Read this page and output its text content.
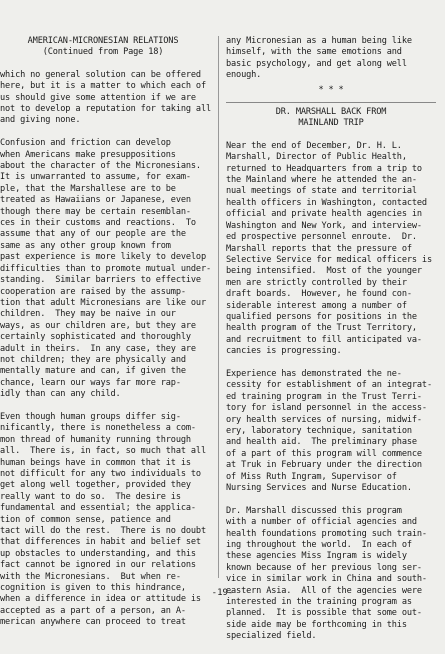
AMERICAN-MICRONESIAN RELATIONS
(Continued from Page 18)
which no general solution can be offered
here, but it is a matter to which each of
us should give some attention if we are
not to develop a reputation for taking all
and giving none.
Confusion and friction can develop
when Americans make presuppositions
about the character of the Micronesians.
It is unwarranted to assume, for exam-
ple, that the Marshallese are to be
treated as Hawaiians or Japanese, even
though there may be certain resemblan-
ces in their customs and reactions.  To
assume that any of our people are the
same as any other group known from
past experience is more likely to develop
difficulties than to promote mutual under-
standing.  Similar barriers to effective
cooperation are raised by the assump-
tion that adult Micronesians are like our
children.  They may be naive in our
ways, as our children are, but they are
certainly sophisticated and thoroughly
adult in theirs.  In any case, they are
not children; they are physically and
mentally mature and can, if given the
chance, learn our ways far more rap-
idly than can any child.
Even though human groups differ sig-
nificantly, there is nonetheless a com-
mon thread of humanity running through
all.  There is, in fact, so much that all
human beings have in common that it is
not difficult for any two individuals to
get along well together, provided they
really want to do so.  The desire is
fundamental and essential; the applica-
tion of common sense, patience and
tact will do the rest.  There is no doubt
that differences in habit and belief set
up obstacles to understanding, and this
fact cannot be ignored in our relations
with the Micronesians.  But when re-
cognition is given to this hindrance,
when a difference in idea or attitude is
accepted as a part of a person, an A-
merican anywhere can proceed to treat
any Micronesian as a human being like
himself, with the same emotions and
basic psychology, and get along well
enough.
* * *
DR. MARSHALL BACK FROM
MAINLAND TRIP
Near the end of December, Dr. H. L.
Marshall, Director of Public Health,
returned to Headquarters from a trip to
the Mainland where he attended the an-
nual meetings of state and territorial
health officers in Washington, contacted
official and private health agencies in
Washington and New York, and interview-
ed prospective personnel enroute.  Dr.
Marshall reports that the pressure of
Selective Service for medical officers is
being intensified.  Most of the younger
men are strictly controlled by their
draft boards.  However, he found con-
siderable interest among a number of
qualified persons for positions in the
health program of the Trust Territory,
and recruitment to fill anticipated va-
cancies is progressing.
Experience has demonstrated the ne-
cessity for establishment of an integrat-
ed training program in the Trust Terri-
tory for island personnel in the access-
ory health services of nursing, midwif-
ery, laboratory technique, sanitation
and health aid.  The preliminary phase
of a part of this program will commence
at Truk in February under the direction
of Miss Ruth Ingram, Supervisor of
Nursing Services and Nurse Education.
Dr. Marshall discussed this program
with a number of official agencies and
health foundations promoting such train-
ing throughout the world.  In each of
these agencies Miss Ingram is widely
known because of her previous long ser-
vice in similar work in China and south-
eastern Asia.  All of the agencies were
interested in the training program as
planned.  It is possible that some out-
side aide may be forthcoming in this
specialized field.
-19-
